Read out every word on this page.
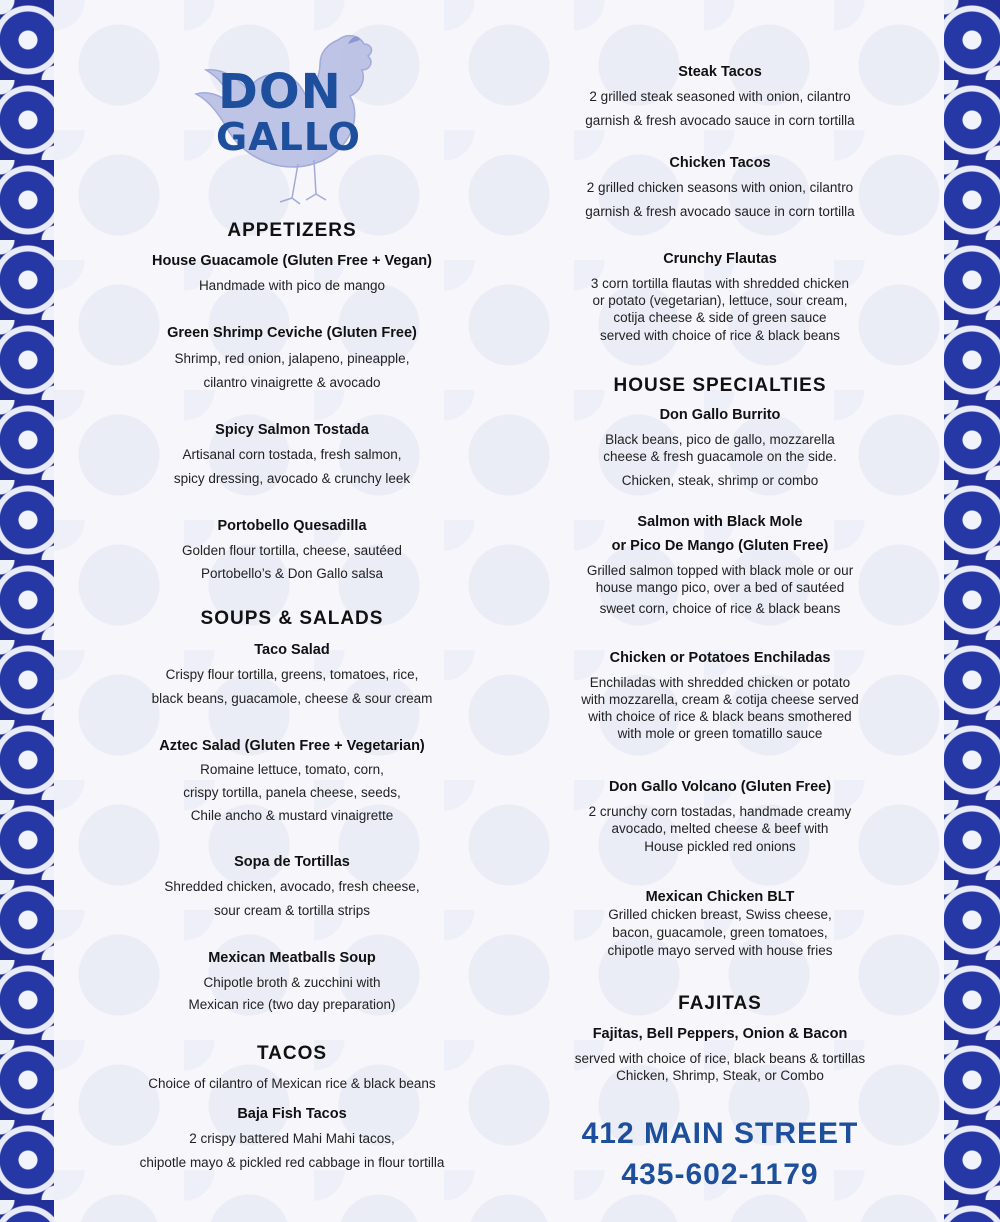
DON
GALLO
APPETIZERS
House Guacamole (Gluten Free + Vegan)
Handmade with pico de mango
Green Shrimp Ceviche (Gluten Free)
Shrimp, red onion, jalapeno, pineapple,
cilantro vinaigrette & avocado
Spicy Salmon Tostada
Artisanal corn tostada, fresh salmon,
spicy dressing, avocado & crunchy leek
Portobello Quesadilla
Golden flour tortilla, cheese, sautéed
Portobello’s & Don Gallo salsa
SOUPS & SALADS
Taco Salad
Crispy flour tortilla, greens, tomatoes, rice,
black beans, guacamole, cheese & sour cream
Aztec Salad (Gluten Free + Vegetarian)
Romaine lettuce, tomato, corn,
crispy tortilla, panela cheese, seeds,
Chile ancho & mustard vinaigrette
Sopa de Tortillas
Shredded chicken, avocado, fresh cheese,
sour cream & tortilla strips
Mexican Meatballs Soup
Chipotle broth & zucchini with
Mexican rice (two day preparation)
TACOS
Choice of cilantro of Mexican rice & black beans
Baja Fish Tacos
2 crispy battered Mahi Mahi tacos,
chipotle mayo & pickled red cabbage in flour tortilla
Steak Tacos
2 grilled steak seasoned with onion, cilantro
garnish & fresh avocado sauce in corn tortilla
Chicken Tacos
2 grilled chicken seasons with onion, cilantro
garnish & fresh avocado sauce in corn tortilla
Crunchy Flautas
3 corn tortilla flautas with shredded chicken
or potato (vegetarian), lettuce, sour cream,
cotija cheese & side of green sauce
served with choice of rice & black beans
HOUSE SPECIALTIES
Don Gallo Burrito
Black beans, pico de gallo, mozzarella
cheese & fresh guacamole on the side.
Chicken, steak, shrimp or combo
Salmon with Black Mole
or Pico De Mango (Gluten Free)
Grilled salmon topped with black mole or our
house mango pico, over a bed of sautéed
sweet corn, choice of rice & black beans
Chicken or Potatoes Enchiladas
Enchiladas with shredded chicken or potato
with mozzarella, cream & cotija cheese served
with choice of rice & black beans smothered
with mole or green tomatillo sauce
Don Gallo Volcano (Gluten Free)
2 crunchy corn tostadas, handmade creamy
avocado, melted cheese & beef with
House pickled red onions
Mexican Chicken BLT
Grilled chicken breast, Swiss cheese,
bacon, guacamole, green tomatoes,
chipotle mayo served with house fries
FAJITAS
Fajitas, Bell Peppers, Onion & Bacon
served with choice of rice, black beans & tortillas
Chicken, Shrimp, Steak, or Combo
412 MAIN STREET
435-602-1179
